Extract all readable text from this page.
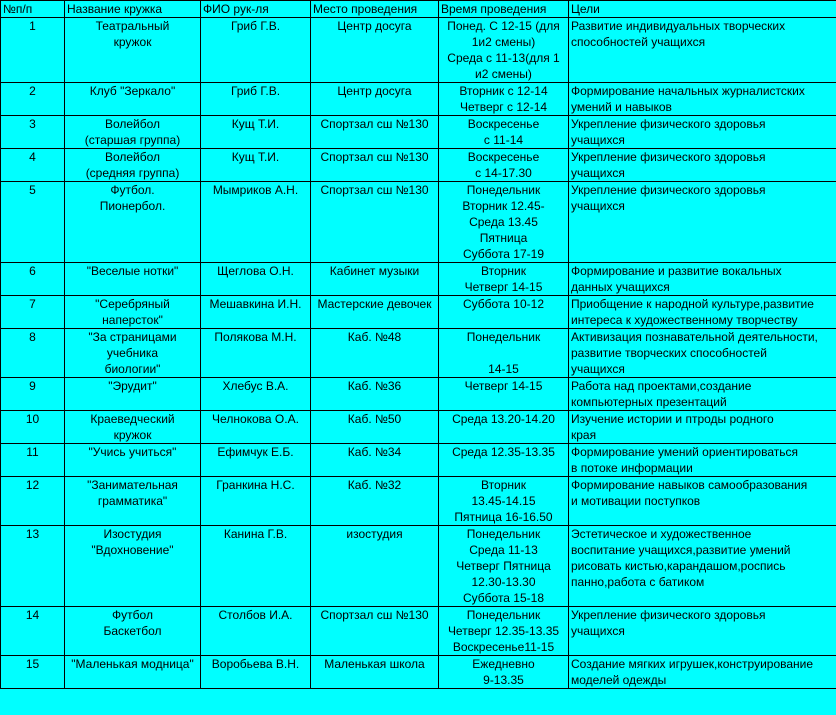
№п/п	Название кружка	ФИО рук-ля	Место проведения	Время проведения	Цели
1	Театральный
кружок	Гриб Г.В.	Центр досуга	Понед. С 12-15 (для
1и2 смены)
Среда с 11-13(для 1
и2 смены)	Развитие индивидуальных творческих
способностей учащихся
2	Клуб "Зеркало"	Гриб Г.В.	Центр досуга	Вторник с 12-14
Четверг с 12-14	Формирование начальных журналистских
умений и навыков
3	Волейбол
(старшая группа)	Кущ Т.И.	Спортзал сш №130	Воскресенье
с 11-14	Укрепление физического здоровья
учащихся
4	Волейбол
(средняя группа)	Кущ Т.И.	Спортзал сш №130	Воскресенье
с 14-17.30	Укрепление физического здоровья
учащихся
5	Футбол.
Пионербол.	Мымриков А.Н.	Спортзал сш №130	Понедельник
Вторник 12.45-
Среда 13.45
Пятница
Суббота 17-19	Укрепление физического здоровья
учащихся
6	"Веселые нотки"	Щеглова О.Н.	Кабинет музыки	Вторник
Четверг 14-15	Формирование и развитие вокальных
данных учащихся
7	"Серебряный
наперсток"	Мешавкина И.Н.	Мастерские девочек	Суббота 10-12	Приобщение к народной культуре,развитие
интереса к художественному творчеству
8	"За страницами
учебника
биологии"	Полякова М.Н.	Каб. №48	Понедельник

14-15	Активизация познавательной деятельности,
развитие творческих способностей
учащихся
9	"Эрудит"	Хлебус В.А.	Каб. №36	Четверг 14-15	Работа над проектами,создание
компьютерных презентаций
10	Краеведческий
кружок	Челнокова О.А.	Каб. №50	Среда 13.20-14.20	Изучение истории и птроды родного
края
11	"Учись учиться"	Ефимчук Е.Б.	Каб. №34	Среда 12.35-13.35	Формирование умений ориентироваться
в потоке информации
12	"Занимательная
грамматика"	Гранкина Н.С.	Каб. №32	Вторник
13.45-14.15
Пятница 16-16.50	Формирование навыков самообразования
и мотивации поступков
13	Изостудия
"Вдохновение"	Канина Г.В.	изостудия	Понедельник
Среда 11-13
Четверг Пятница
12.30-13.30
Суббота 15-18	Эстетическое и художественное
воспитание учащихся,развитие умений
рисовать кистью,карандашом,роспись
панно,работа с батиком
14	Футбол
Баскетбол	Столбов И.А.	Спортзал сш №130	Понедельник
Четверг 12.35-13.35
Воскресенье11-15	Укрепление физического здоровья
учащихся
15	"Маленькая модница"	Воробьева В.Н.	Маленькая школа	Ежедневно
9-13.35	Создание мягких игрушек,конструирование
моделей одежды
